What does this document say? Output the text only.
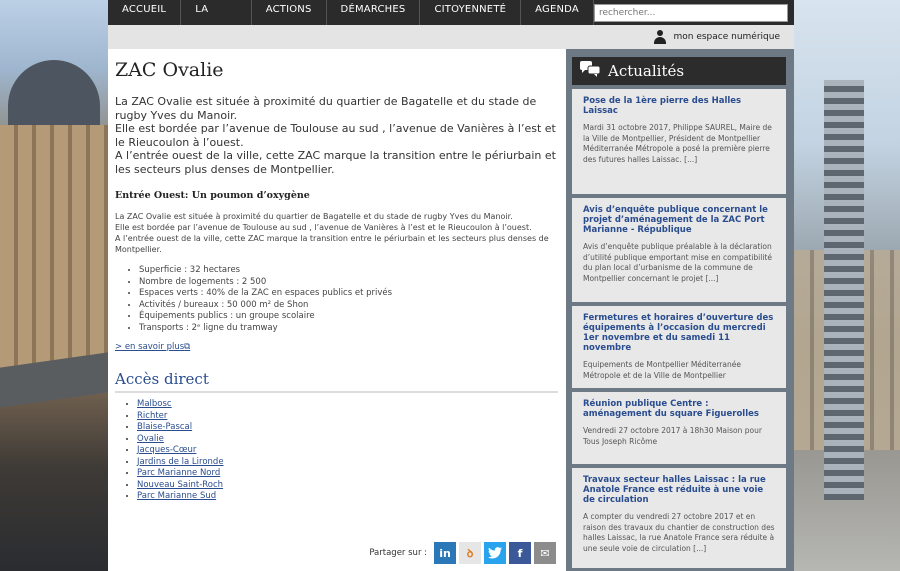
ACCUEIL	LA	ACTIONS	DÉMARCHES	CITOYENNETÉ	AGENDA
rechercher...
mon espace numérique
ZAC Ovalie

La ZAC Ovalie est située à proximité du quartier de Bagatelle et du stade de rugby Yves du Manoir.

Elle est bordée par l’avenue de Toulouse au sud , l’avenue de Vanières à l’est et le Rieucoulon à l’ouest.

A l’entrée ouest de la ville, cette ZAC marque la transition entre le périurbain et les secteurs plus denses de Montpellier.

Entrée Ouest: Un poumon d’oxygène

La ZAC Ovalie est située à proximité du quartier de Bagatelle et du stade de rugby Yves du Manoir.

Elle est bordée par l’avenue de Toulouse au sud , l’avenue de Vanières à l’est et le Rieucoulon à l’ouest.

A l’entrée ouest de la ville, cette ZAC marque la transition entre le périurbain et les secteurs plus denses de Montpellier.

• Superficie : 32 hectares
• Nombre de logements : 2 500
• Espaces verts : 40% de la ZAC en espaces publics et privés
• Activités / bureaux : 50 000 m² de Shon
• Équipements publics : un groupe scolaire
• Transports : 2ᵉ ligne du tramway
> en savoir plus⧉
Accès direct
• Malbosc
• Richter
• Blaise-Pascal
• Ovalie
• Jacques-Cœur
• Jardins de la Lironde
• Parc Marianne Nord
• Nouveau Saint-Roch
• Parc Marianne Sud
Partager sur :	in	ꝺ	f	✉
Actualités

Pose de la 1ère pierre des Halles Laissac

Mardi 31 octobre 2017, Philippe SAUREL, Maire de la Ville de Montpellier, Président de Montpellier Méditerranée Métropole a posé la première pierre des futures halles Laissac. [...]

Avis d’enquête publique concernant le projet d’aménagement de la ZAC Port Marianne - République

Avis d’enquête publique préalable à la déclaration d’utilité publique emportant mise en compatibilité du plan local d’urbanisme de la commune de Montpellier concernant le projet [...]

Fermetures et horaires d’ouverture des équipements à l’occasion du mercredi 1er novembre et du samedi 11 novembre

Equipements de Montpellier Méditerranée Métropole et de la Ville de Montpellier

Réunion publique Centre : aménagement du square Figuerolles

Vendredi 27 octobre 2017 à 18h30 Maison pour Tous Joseph Ricôme

Travaux secteur halles Laissac : la rue Anatole France est réduite à une voie de circulation

A compter du vendredi 27 octobre 2017 et en raison des travaux du chantier de construction des halles Laissac, la rue Anatole France sera réduite à une seule voie de circulation [...]
